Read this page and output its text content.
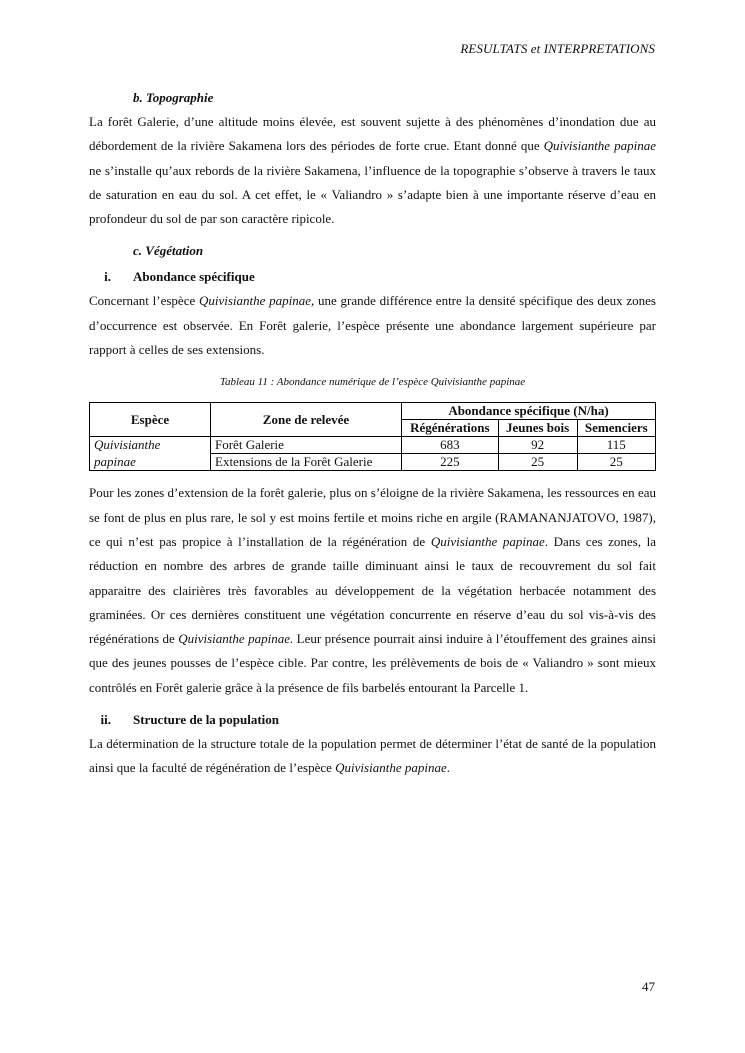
RESULTATS et INTERPRETATIONS

b. Topographie

La forêt Galerie, d’une altitude moins élevée, est souvent sujette à des phénomènes d’inondation due au débordement de la rivière Sakamena lors des périodes de forte crue. Etant donné que Quivisianthe papinae ne s’installe qu’aux rebords de la rivière Sakamena, l’influence de la topographie s’observe à travers le taux de saturation en eau du sol. A cet effet, le « Valiandro » s’adapte bien à une importante réserve d’eau en profondeur du sol de par son caractère ripicole.

c. Végétation

i.	Abondance spécifique

Concernant l’espèce Quivisianthe papinae, une grande différence entre la densité spécifique des deux zones d’occurrence est observée. En Forêt galerie, l’espèce présente une abondance largement supérieure par rapport à celles de ses extensions.

Tableau 11 : Abondance numérique de l’espèce Quivisianthe papinae

Espèce	Zone de relevée	Abondance spécifique (N/ha)		
		Régénérations	Jeunes bois	Semenciers
Quivisianthe	Forêt Galerie	683	92	115
papinae	Extensions de la Forêt Galerie	225	25	25

Pour les zones d’extension de la forêt galerie, plus on s’éloigne de la rivière Sakamena, les ressources en eau se font de plus en plus rare, le sol y est moins fertile et moins riche en argile (RAMANANJATOVO, 1987), ce qui n’est pas propice à l’installation de la régénération de Quivisianthe papinae. Dans ces zones, la réduction en nombre des arbres de grande taille diminuant ainsi le taux de recouvrement du sol fait apparaitre des clairières très favorables au développement de la végétation herbacée notamment des graminées. Or ces dernières constituent une végétation concurrente en réserve d’eau du sol vis-à-vis des régénérations de Quivisianthe papinae. Leur présence pourrait ainsi induire à l’étouffement des graines ainsi que des jeunes pousses de l’espèce cible. Par contre, les prélèvements de bois de « Valiandro » sont mieux contrôlés en Forêt galerie grâce à la présence de fils barbelés entourant la Parcelle 1.

ii.	Structure de la population

La détermination de la structure totale de la population permet de déterminer l’état de santé de la population ainsi que la faculté de régénération de l’espèce Quivisianthe papinae.

47
